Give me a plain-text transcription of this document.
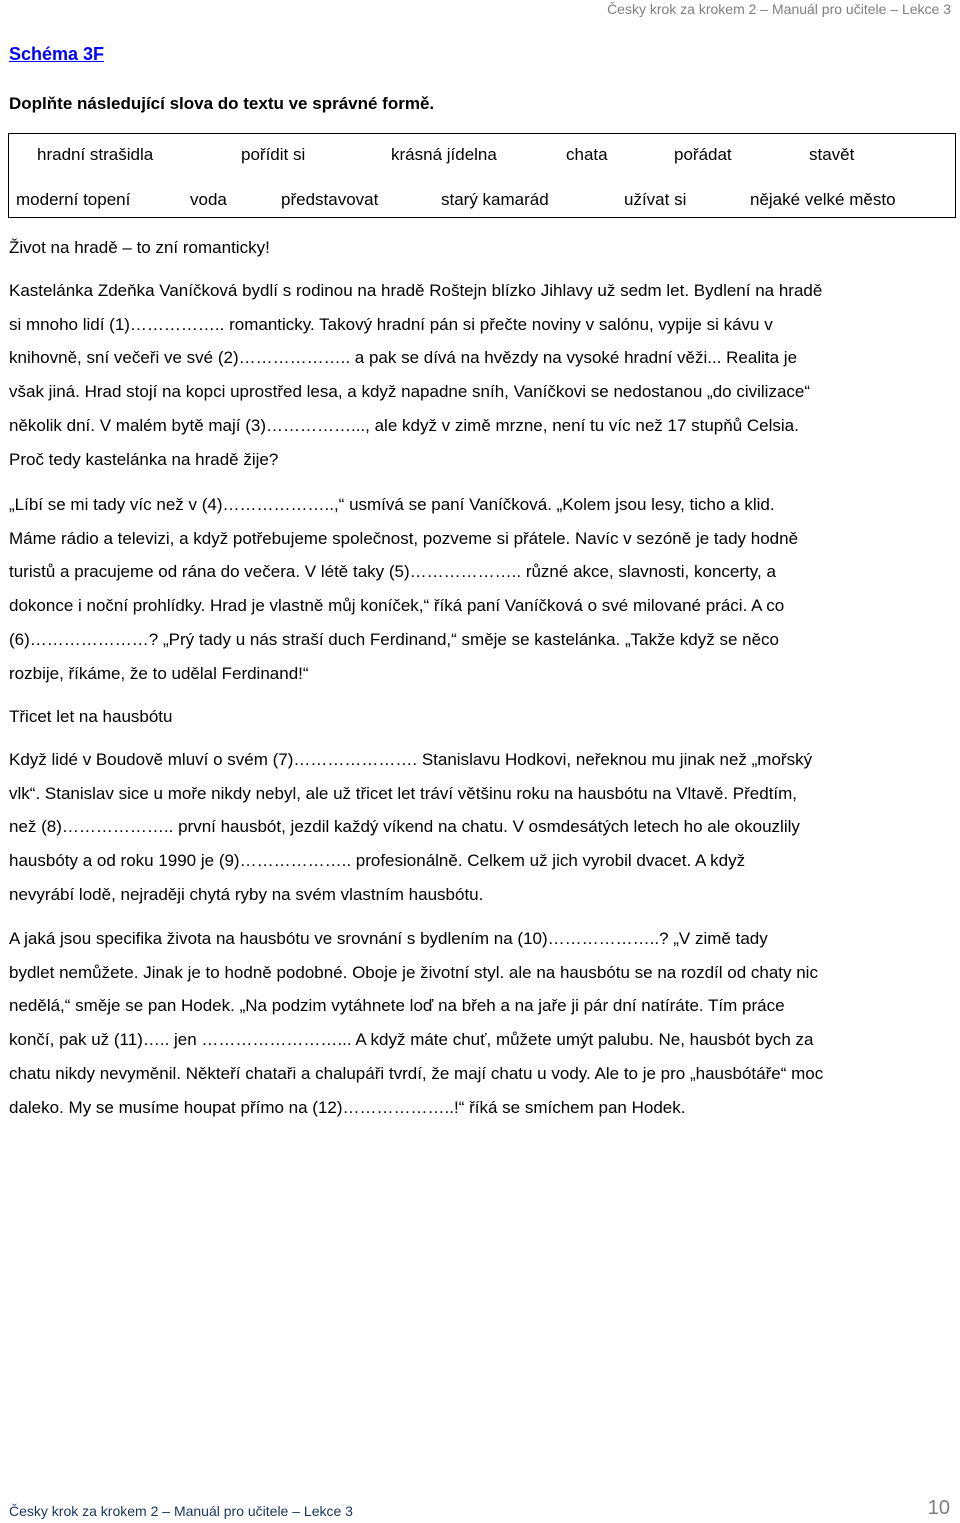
Česky krok za krokem 2 – Manuál pro učitele – Lekce 3
Schéma 3F
Doplňte následující slova do textu ve správné formě.
hradní strašidla	pořídit si	krásná jídelna	chata	pořádat	stavět
moderní topení	voda	představovat	starý kamarád	užívat si	nějaké velké město
Život na hradě – to zní romanticky!
Kastelánka Zdeňka Vaníčková bydlí s rodinou na hradě Roštejn blízko Jihlavy už sedm let. Bydlení na hradě
si mnoho lidí (1)…………….. romanticky. Takový hradní pán si přečte noviny v salónu, vypije si kávu v
knihovně, sní večeři ve své (2)……………….. a pak se dívá na hvězdy na vysoké hradní věži... Realita je
však jiná. Hrad stojí na kopci uprostřed lesa, a když napadne sníh, Vaníčkovi se nedostanou „do civilizace“
několik dní. V malém bytě mají (3)……………..., ale když v zimě mrzne, není tu víc než 17 stupňů Celsia.
Proč tedy kastelánka na hradě žije?
„Líbí se mi tady víc než v (4)………………..,“ usmívá se paní Vaníčková. „Kolem jsou lesy, ticho a klid.
Máme rádio a televizi, a když potřebujeme společnost, pozveme si přátele. Navíc v sezóně je tady hodně
turistů a pracujeme od rána do večera. V létě taky (5)……………….. různé akce, slavnosti, koncerty, a
dokonce i noční prohlídky. Hrad je vlastně můj koníček,“ říká paní Vaníčková o své milované práci. A co
(6)…………………? „Prý tady u nás straší duch Ferdinand,“ směje se kastelánka. „Takže když se něco
rozbije, říkáme, že to udělal Ferdinand!“
Třicet let na hausbótu
Když lidé v Boudově mluví o svém (7)…………………. Stanislavu Hodkovi, neřeknou mu jinak než „mořský
vlk“. Stanislav sice u moře nikdy nebyl, ale už třicet let tráví většinu roku na hausbótu na Vltavě. Předtím,
než (8)……………….. první hausbót, jezdil každý víkend na chatu. V osmdesátých letech ho ale okouzlily
hausbóty a od roku 1990 je (9)……………….. profesionálně. Celkem už jich vyrobil dvacet. A když
nevyrábí lodě, nejraději chytá ryby na svém vlastním hausbótu.
A jaká jsou specifika života na hausbótu ve srovnání s bydlením na (10)………………..? „V zimě tady
bydlet nemůžete. Jinak je to hodně podobné. Oboje je životní styl. ale na hausbótu se na rozdíl od chaty nic
nedělá,“ směje se pan Hodek. „Na podzim vytáhnete loď na břeh a na jaře ji pár dní natíráte. Tím práce
končí, pak už (11)….. jen ……………………... A když máte chuť, můžete umýt palubu. Ne, hausbót bych za
chatu nikdy nevyměnil. Někteří chataři a chalupáři tvrdí, že mají chatu u vody. Ale to je pro „hausbótáře“ moc
daleko. My se musíme houpat přímo na (12)………………..!“ říká se smíchem pan Hodek.
Česky krok za krokem 2 – Manuál pro učitele – Lekce 3	10
